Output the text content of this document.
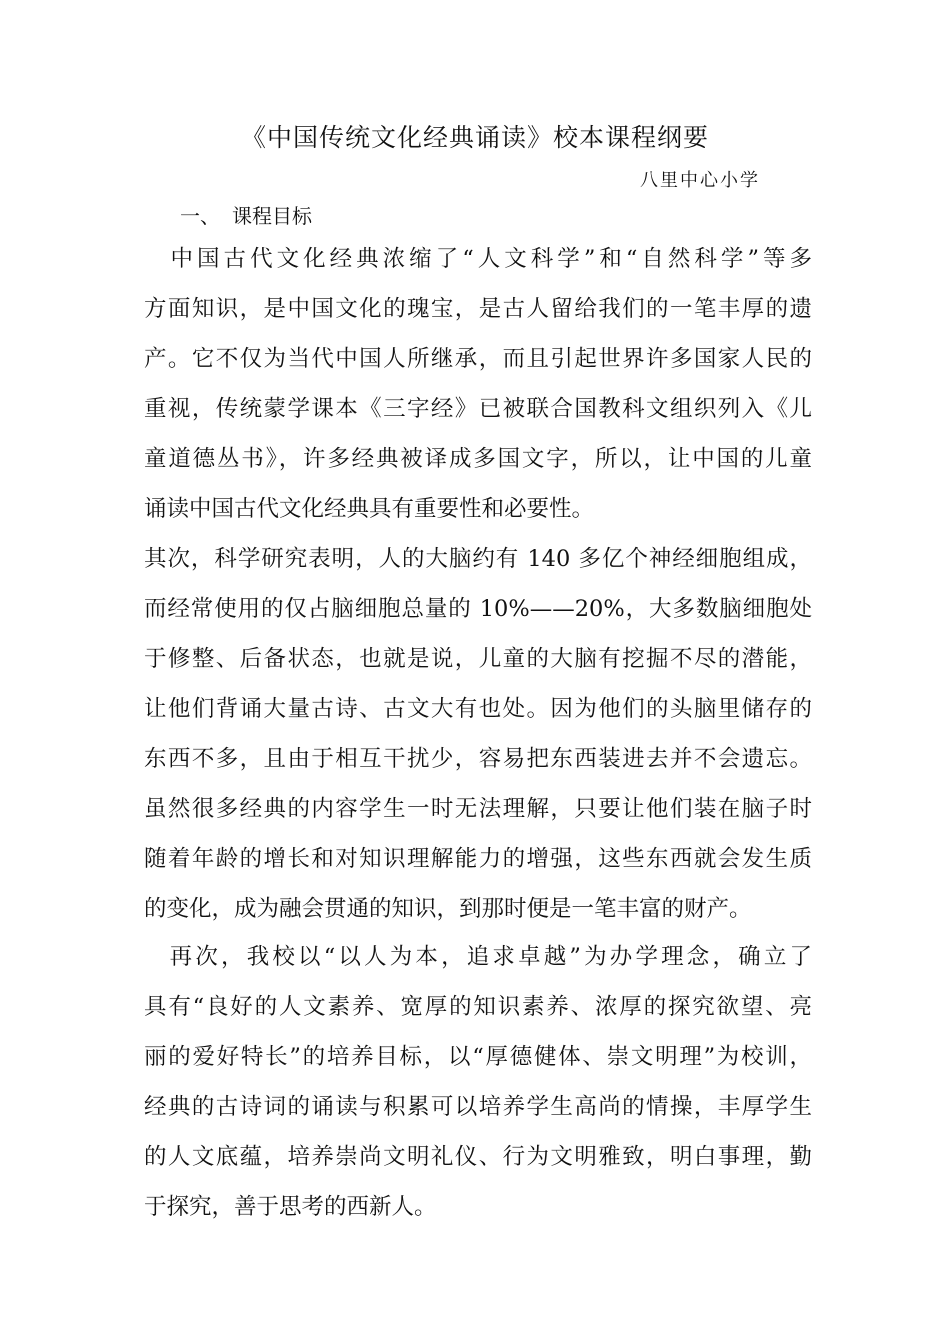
《中国传统文化经典诵读》校本课程纲要
八里中心小学
一、 课程目标
　中国古代文化经典浓缩了“人文科学”和“自然科学”等多
方面知识，是中国文化的瑰宝，是古人留给我们的一笔丰厚的遗
产。它不仅为当代中国人所继承，而且引起世界许多国家人民的
重视，传统蒙学课本《三字经》已被联合国教科文组织列入《儿
童道德丛书》，许多经典被译成多国文字，所以，让中国的儿童
诵读中国古代文化经典具有重要性和必要性。
其次，科学研究表明，人的大脑约有 140 多亿个神经细胞组成，
而经常使用的仅占脑细胞总量的 10%——20%，大多数脑细胞处
于修整、后备状态，也就是说，儿童的大脑有挖掘不尽的潜能，
让他们背诵大量古诗、古文大有也处。因为他们的头脑里储存的
东西不多，且由于相互干扰少，容易把东西装进去并不会遗忘。
虽然很多经典的内容学生一时无法理解，只要让他们装在脑子时
随着年龄的增长和对知识理解能力的增强，这些东西就会发生质
的变化，成为融会贯通的知识，到那时便是一笔丰富的财产。
　再次，我校以“以人为本，追求卓越”为办学理念，确立了
具有“良好的人文素养、宽厚的知识素养、浓厚的探究欲望、亮
丽的爱好特长”的培养目标，以“厚德健体、崇文明理”为校训，
经典的古诗词的诵读与积累可以培养学生高尚的情操，丰厚学生
的人文底蕴，培养崇尚文明礼仪、行为文明雅致，明白事理，勤
于探究，善于思考的西新人。
